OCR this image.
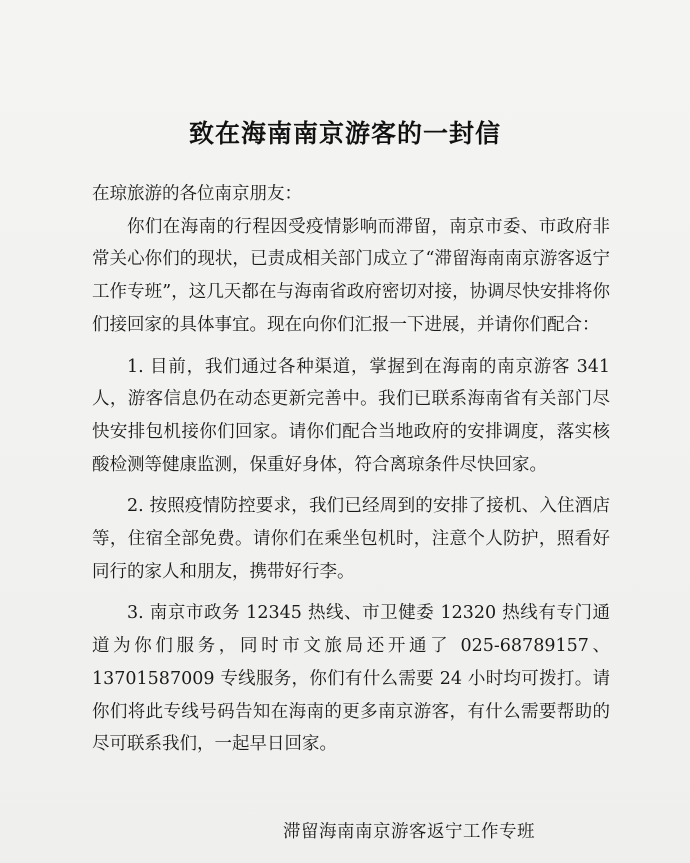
致在海南南京游客的一封信

在琼旅游的各位南京朋友：

你们在海南的行程因受疫情影响而滞留，南京市委、市政府非常关心你们的现状，已责成相关部门成立了“滞留海南南京游客返宁工作专班”，这几天都在与海南省政府密切对接，协调尽快安排将你们接回家的具体事宜。现在向你们汇报一下进展，并请你们配合：

1. 目前，我们通过各种渠道，掌握到在海南的南京游客 341 人，游客信息仍在动态更新完善中。我们已联系海南省有关部门尽快安排包机接你们回家。请你们配合当地政府的安排调度，落实核酸检测等健康监测，保重好身体，符合离琼条件尽快回家。

2. 按照疫情防控要求，我们已经周到的安排了接机、入住酒店等，住宿全部免费。请你们在乘坐包机时，注意个人防护，照看好同行的家人和朋友，携带好行李。

3. 南京市政务 12345 热线、市卫健委 12320 热线有专门通道为你们服务，同时市文旅局还开通了 025-68789157、13701587009 专线服务，你们有什么需要 24 小时均可拨打。请你们将此专线号码告知在海南的更多南京游客，有什么需要帮助的尽可联系我们，一起早日回家。

滞留海南南京游客返宁工作专班
